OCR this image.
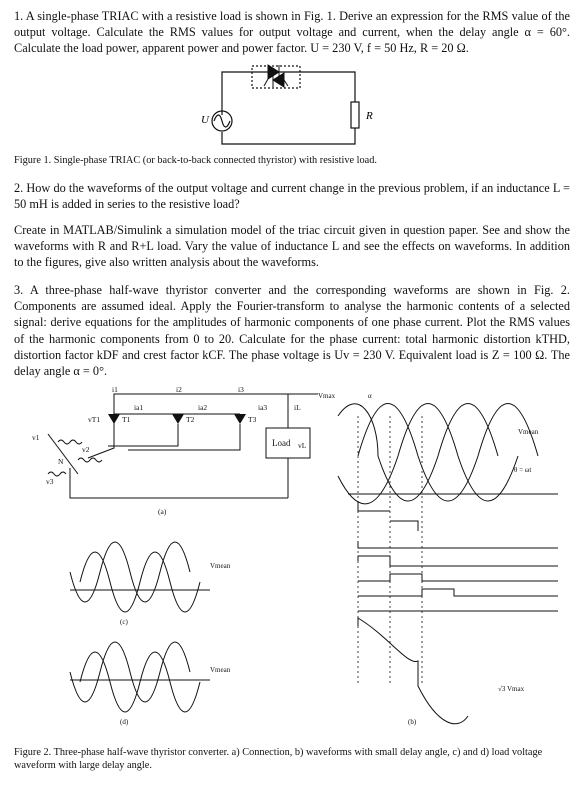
1. A single-phase TRIAC with a resistive load is shown in Fig. 1. Derive an expression for the RMS value of the output voltage. Calculate the RMS values for output voltage and current, when the delay angle α = 60°. Calculate the load power, apparent power and power factor. U = 230 V, f = 50 Hz, R = 20 Ω.
U	R
Figure 1. Single-phase TRIAC (or back-to-back connected thyristor) with resistive load.
2. How do the waveforms of the output voltage and current change in the previous problem, if an inductance L = 50 mH is added in series to the resistive load?
Create in MATLAB/Simulink a simulation model of the triac circuit given in question paper. See and show the waveforms with R and R+L load. Vary the value of inductance L and see the effects on waveforms. In addition to the figures, give also written analysis about the waveforms.
3. A three-phase half-wave thyristor converter and the corresponding waveforms are shown in Fig. 2. Components are assumed ideal. Apply the Fourier-transform to analyse the harmonic contents of a selected signal: derive equations for the amplitudes of harmonic components of one phase current. Plot the RMS values of the harmonic components from 0 to 20. Calculate for the phase current: total harmonic distortion kTHD, distortion factor kDF and crest factor kCF. The phase voltage is Uv = 230 V. Equivalent load is Z = 100 Ω. The delay angle α = 0°.
i1	i2	i3
iL
ia1	ia2	ia3
T1	T2	T3
vT1
v1
v2
v3
N
vL
Load
(a)
Vmax	α
Vmean
θ = ωt
√3 Vmax
(b)
Vmean
(c)
Vmean
(d)
Figure 2. Three-phase half-wave thyristor converter. a) Connection, b) waveforms with small delay angle, c) and d) load voltage waveform with large delay angle.
